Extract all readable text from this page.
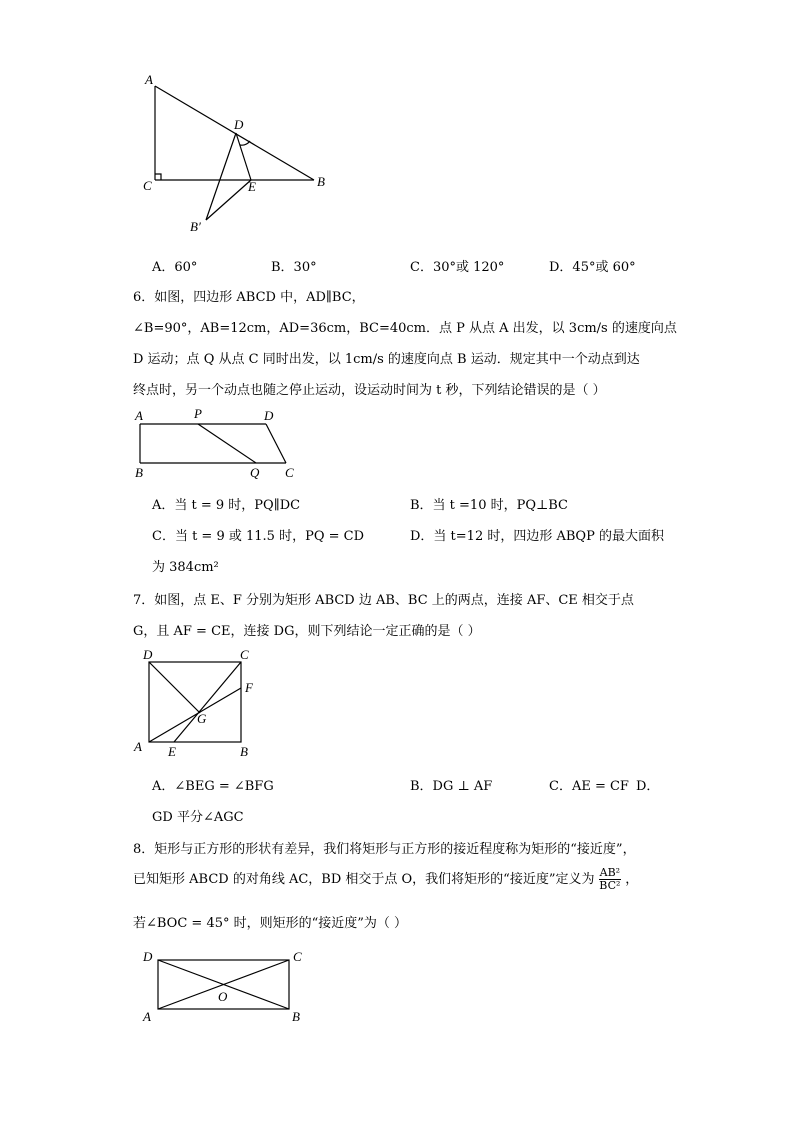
A
D
C	E	B
B′
A．60°	B．30°	C．30°或 120°	D．45°或 60°
6．如图，四边形 ABCD 中，AD∥BC，
∠B=90°，AB=12cm，AD=36cm，BC=40cm．点 P 从点 A 出发，以 3cm/s 的速度向点
D 运动；点 Q 从点 C 同时出发，以 1cm/s 的速度向点 B 运动．规定其中一个动点到达
终点时，另一个动点也随之停止运动，设运动时间为 t 秒，下列结论错误的是（ ）
A	P	D
B	Q C
A．当 t = 9 时，PQ∥DC	B．当 t =10 时，PQ⊥BC
C．当 t = 9 或 11.5 时，PQ = CD	D．当 t=12 时，四边形 ABQP 的最大面积
为 384cm²
7．如图，点 E、F 分别为矩形 ABCD 边 AB、BC 上的两点，连接 AF、CE 相交于点
G，且 AF = CE，连接 DG，则下列结论一定正确的是（ ）
D	C
F
G
A E	B
A．∠BEG = ∠BFG	B．DG ⊥ AF	C．AE = CF D．
GD 平分∠AGC
8．矩形与正方形的形状有差异，我们将矩形与正方形的接近程度称为矩形的“接近度”，
已知矩形 ABCD 的对角线 AC，BD 相交于点 O，我们将矩形的“接近度”定义为 $\frac{\text{AB²}}{\text{BC²}}$ ，
若∠BOC = 45° 时，则矩形的“接近度”为（ ）
D	C
O
A	B
